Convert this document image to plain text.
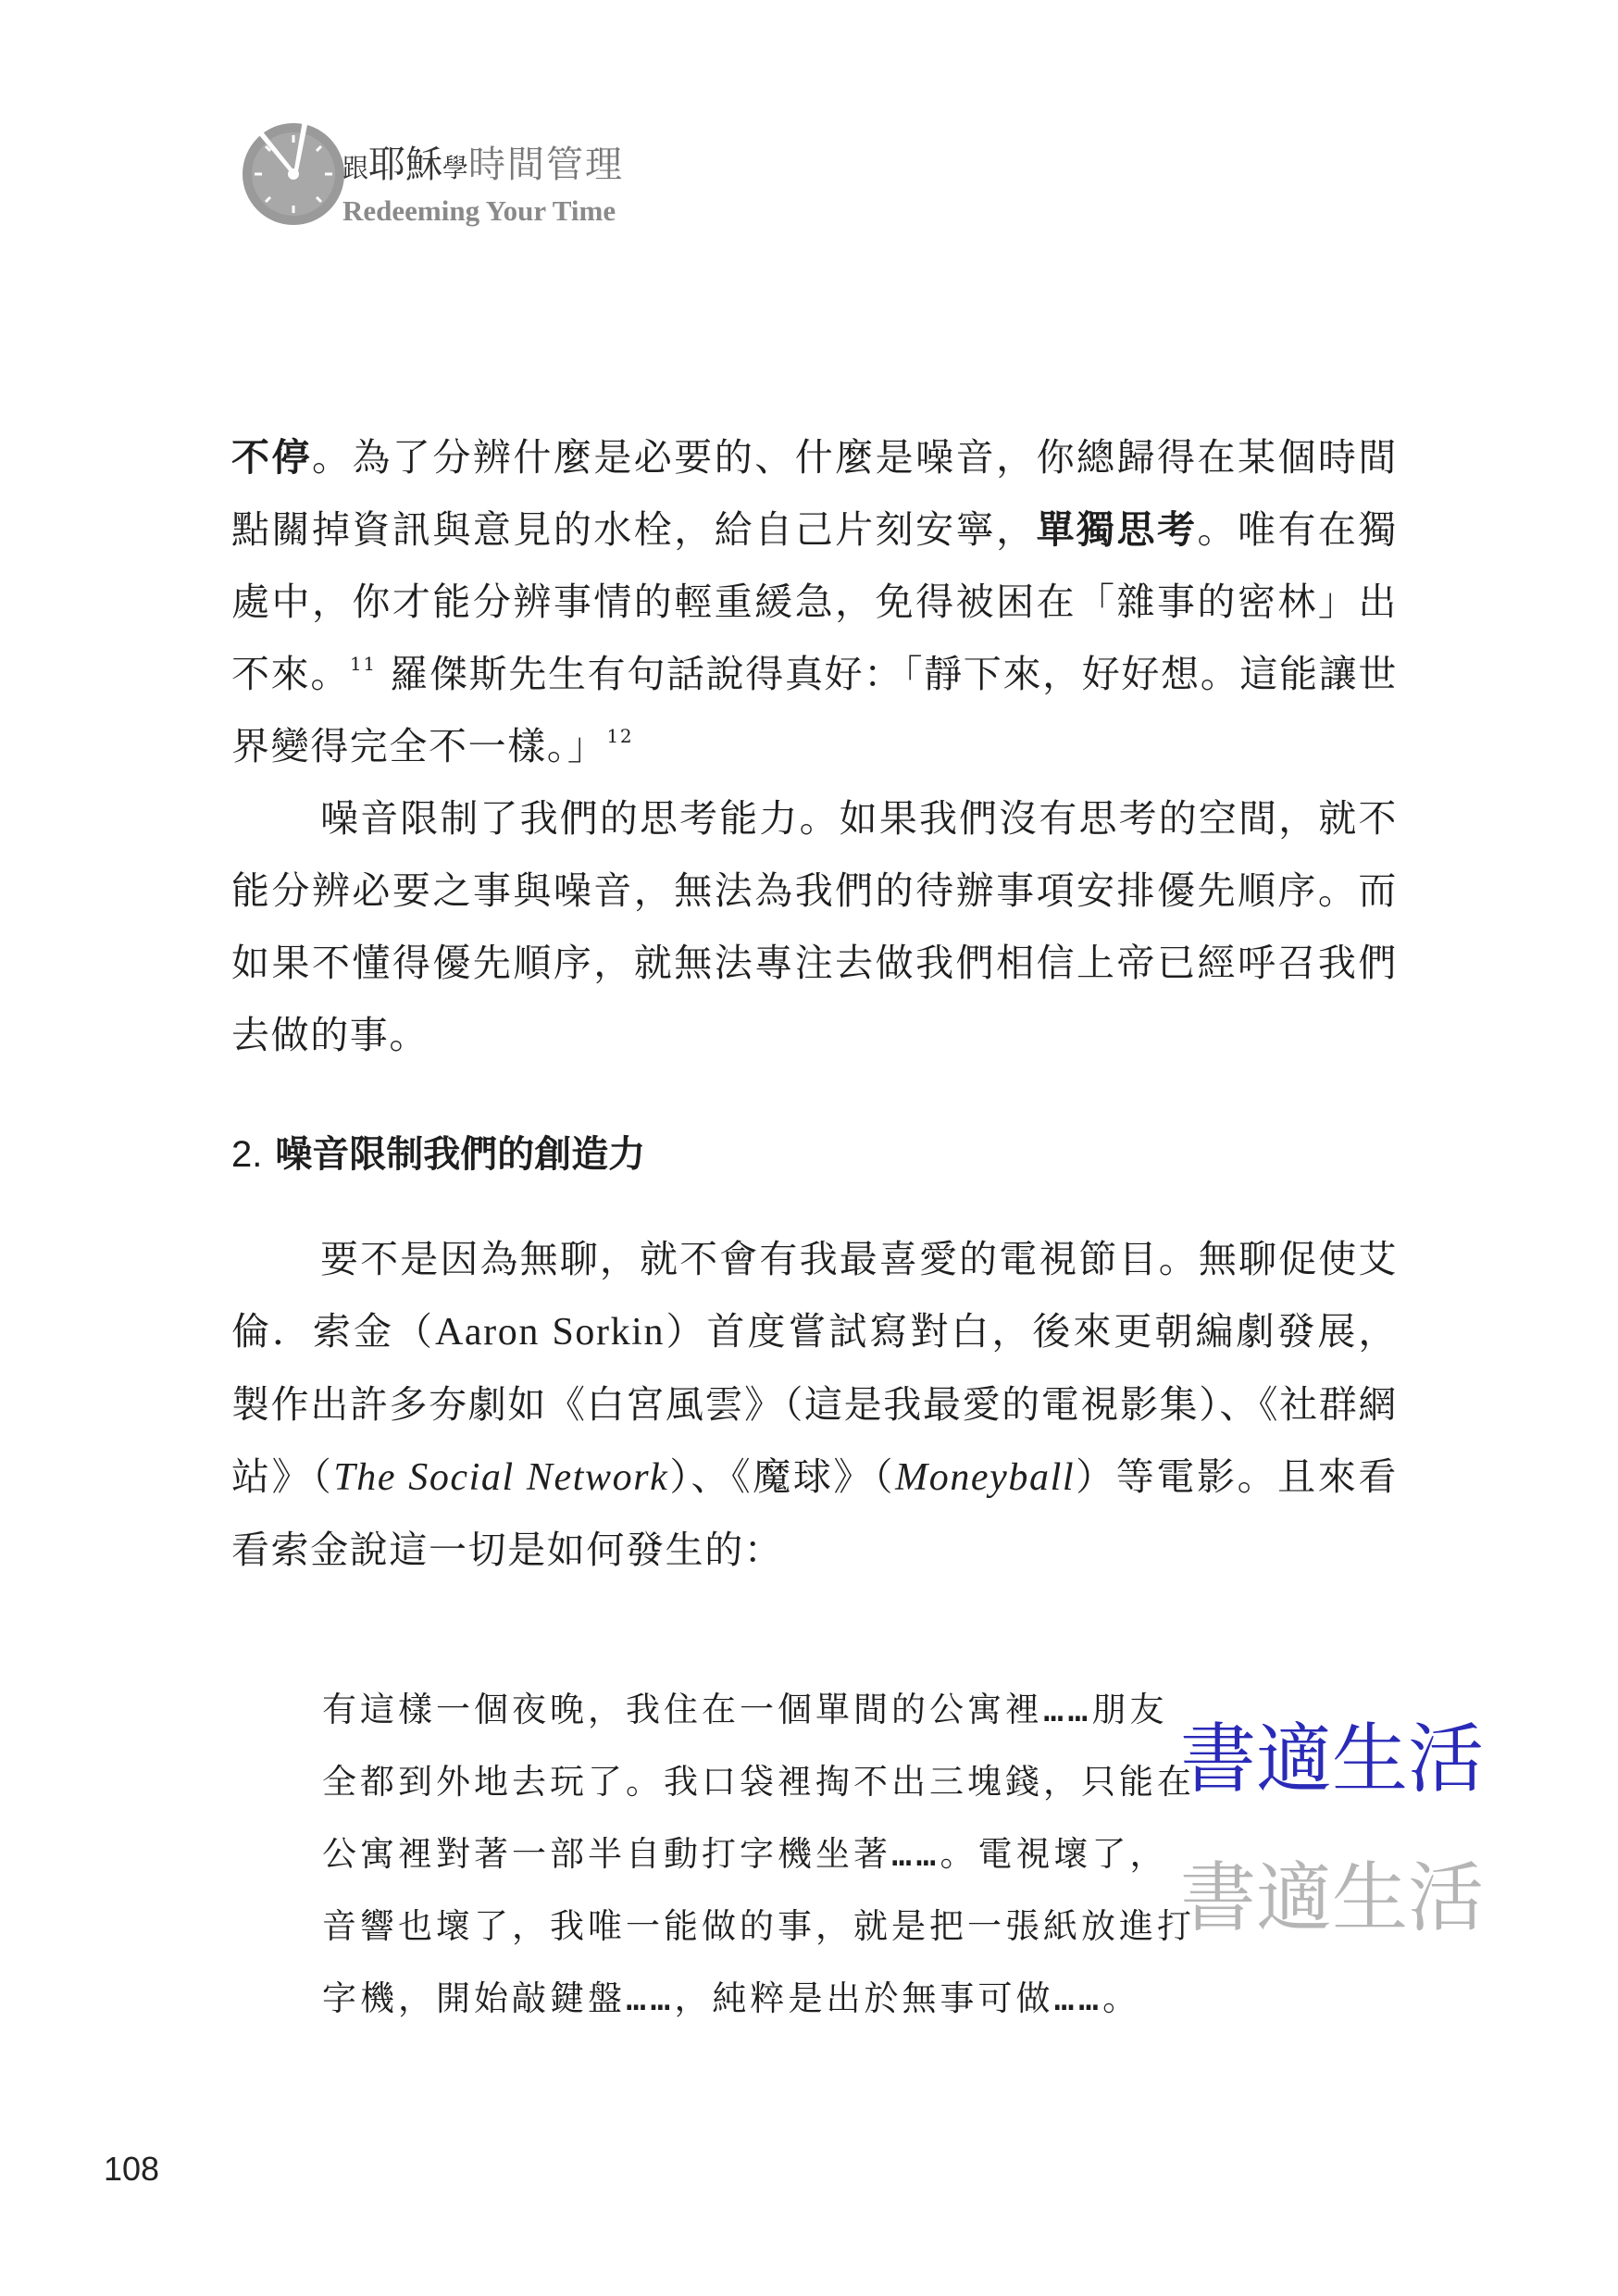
跟耶穌學時間管理
Redeeming Your Time

不停。為了分辨什麼是必要的、什麼是噪音，你總歸得在某個時間點關掉資訊與意見的水栓，給自己片刻安寧，單獨思考。唯有在獨處中，你才能分辨事情的輕重緩急，免得被困在「雜事的密林」出不來。$^{11}$ 羅傑斯先生有句話說得真好：「靜下來，好好想。這能讓世界變得完全不一樣。」$^{12}$

噪音限制了我們的思考能力。如果我們沒有思考的空間，就不能分辨必要之事與噪音，無法為我們的待辦事項安排優先順序。而如果不懂得優先順序，就無法專注去做我們相信上帝已經呼召我們去做的事。

2. 噪音限制我們的創造力

要不是因為無聊，就不會有我最喜愛的電視節目。無聊促使艾倫．索金（Aaron Sorkin）首度嘗試寫對白，後來更朝編劇發展，製作出許多夯劇如《白宮風雲》（這是我最愛的電視影集）、《社群網站》（The Social Network）、《魔球》（Moneyball）等電影。且來看看索金說這一切是如何發生的：

有這樣一個夜晚，我住在一個單間的公寓裡……朋友

全都到外地去玩了。我口袋裡掏不出三塊錢，只能在

公寓裡對著一部半自動打字機坐著……。電視壞了，

音響也壞了，我唯一能做的事，就是把一張紙放進打

字機，開始敲鍵盤……，純粹是出於無事可做……。

書適生活
書適生活
108
